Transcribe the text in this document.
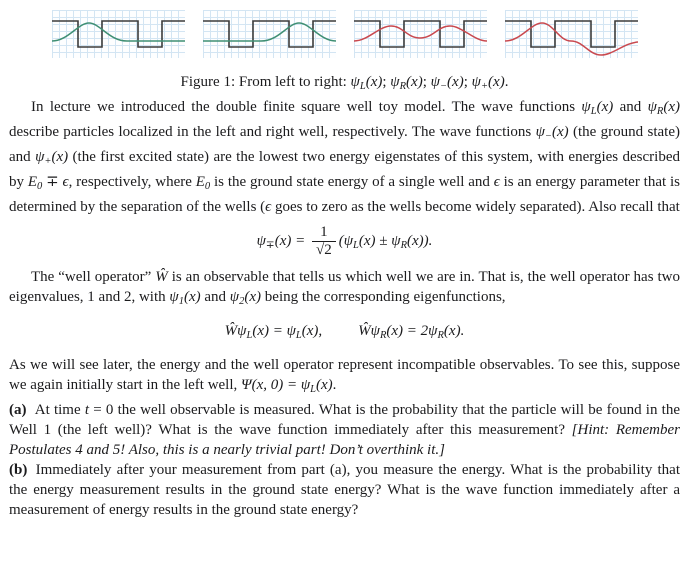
Figure 1: From left to right: ψL(x); ψR(x); ψ−(x); ψ+(x).

In lecture we introduced the double finite square well toy model. The wave functions ψL(x) and ψR(x) describe particles localized in the left and right well, respectively. The wave functions ψ−(x) (the ground state) and ψ+(x) (the first excited state) are the lowest two energy eigenstates of this system, with energies described by E0 ∓ ϵ, respectively, where E0 is the ground state energy of a single well and ϵ is an energy parameter that is determined by the separation of the wells (ϵ goes to zero as the wells become widely separated). Also recall that

$\psi\mp(x) = \frac{1}{√2} (\psi L(x) \pm \psi R(x))$.

The “well operator” Ŵ is an observable that tells us which well we are in. That is, the well operator has two eigenvalues, 1 and 2, with ψ1(x) and ψ2(x) being the corresponding eigenfunctions,

ŴψL(x) = ψL(x), ŴψR(x) = 2ψR(x).

As we will see later, the energy and the well operator represent incompatible observables. To see this, suppose we again initially start in the left well, Ψ(x, 0) = ψL(x).

(a) At time t = 0 the well observable is measured. What is the probability that the particle will be found in the Well 1 (the left well)? What is the wave function immediately after this measurement? [Hint: Remember Postulates 4 and 5! Also, this is a nearly trivial part! Don’t overthink it.]

(b) Immediately after your measurement from part (a), you measure the energy. What is the probability that the energy measurement results in the ground state energy? What is the wave function immediately after a measurement of energy results in the ground state energy?
